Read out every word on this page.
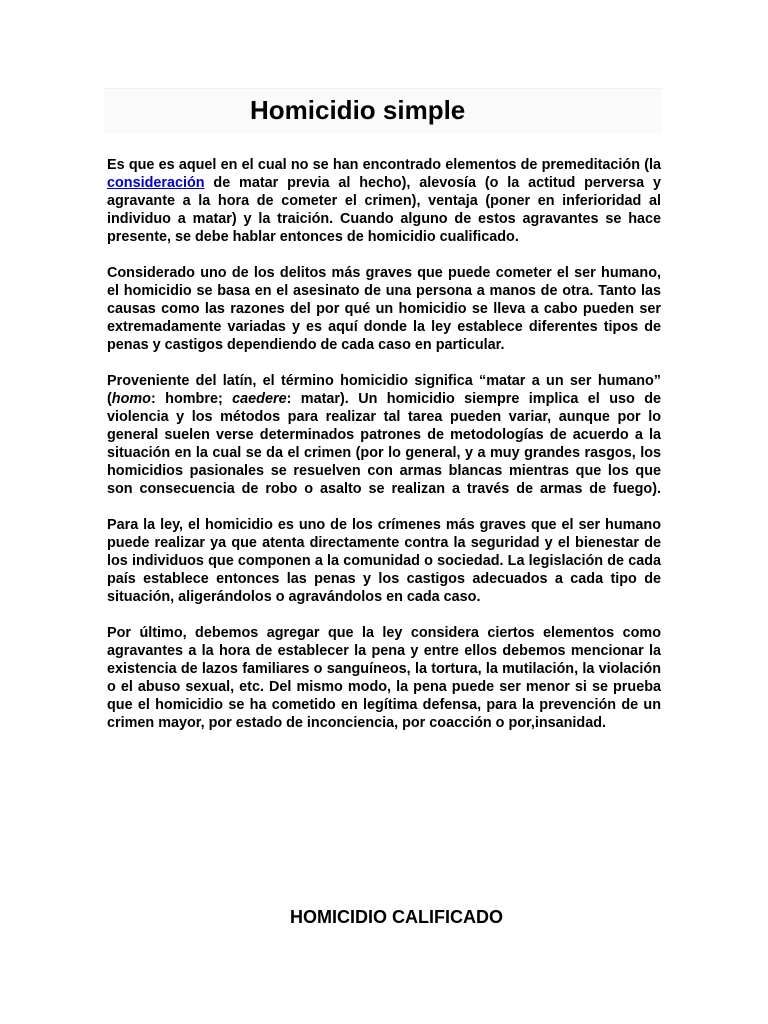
Homicidio simple

Es que es aquel en el cual no se han encontrado elementos de premeditación (la consideración de matar previa al hecho), alevosía (o la actitud perversa y agravante a la hora de cometer el crimen), ventaja (poner en inferioridad al individuo a matar) y la traición. Cuando alguno de estos agravantes se hace presente, se debe hablar entonces de homicidio cualificado.

Considerado uno de los delitos más graves que puede cometer el ser humano, el homicidio se basa en el asesinato de una persona a manos de otra. Tanto las causas como las razones del por qué un homicidio se lleva a cabo pueden ser extremadamente variadas y es aquí donde la ley establece diferentes tipos de penas y castigos dependiendo de cada caso en particular.

Proveniente del latín, el término homicidio significa “matar a un ser humano” (homo: hombre; caedere: matar). Un homicidio siempre implica el uso de violencia y los métodos para realizar tal tarea pueden variar, aunque por lo general suelen verse determinados patrones de metodologías de acuerdo a la situación en la cual se da el crimen (por lo general, y a muy grandes rasgos, los homicidios pasionales se resuelven con armas blancas mientras que los que son consecuencia de robo o asalto se realizan a través de armas de fuego).

Para la ley, el homicidio es uno de los crímenes más graves que el ser humano puede realizar ya que atenta directamente contra la seguridad y el bienestar de los individuos que componen a la comunidad o sociedad. La legislación de cada país establece entonces las penas y los castigos adecuados a cada tipo de situación, aligerándolos o agravándolos en cada caso.

Por último, debemos agregar que la ley considera ciertos elementos como agravantes a la hora de establecer la pena y entre ellos debemos mencionar la existencia de lazos familiares o sanguíneos, la tortura, la mutilación, la violación o el abuso sexual, etc. Del mismo modo, la pena puede ser menor si se prueba que el homicidio se ha cometido en legítima defensa, para la prevención de un crimen mayor, por estado de inconciencia, por coacción o por,insanidad.

HOMICIDIO CALIFICADO
